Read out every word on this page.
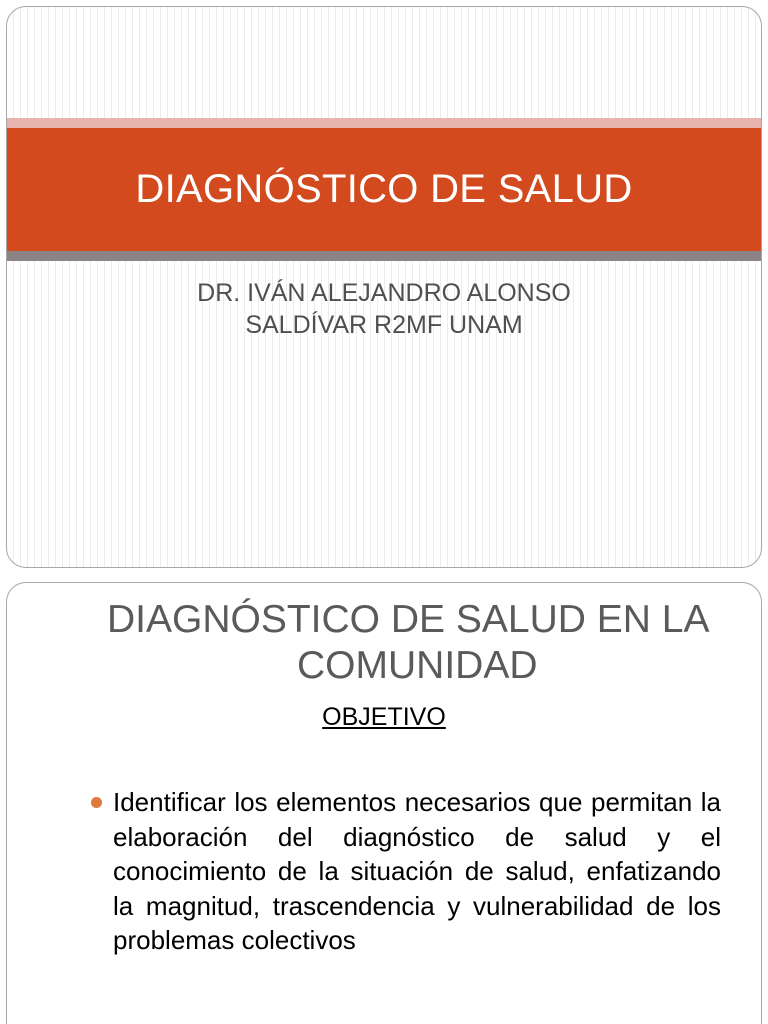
DIAGNÓSTICO DE SALUD

DR. IVÁN ALEJANDRO ALONSO
SALDÍVAR R2MF UNAM

DIAGNÓSTICO DE SALUD EN LA
COMUNIDAD

OBJETIVO

Identificar los elementos necesarios que permitan la elaboración del diagnóstico de salud y el conocimiento de la situación de salud, enfatizando la magnitud, trascendencia y vulnerabilidad de los problemas colectivos
